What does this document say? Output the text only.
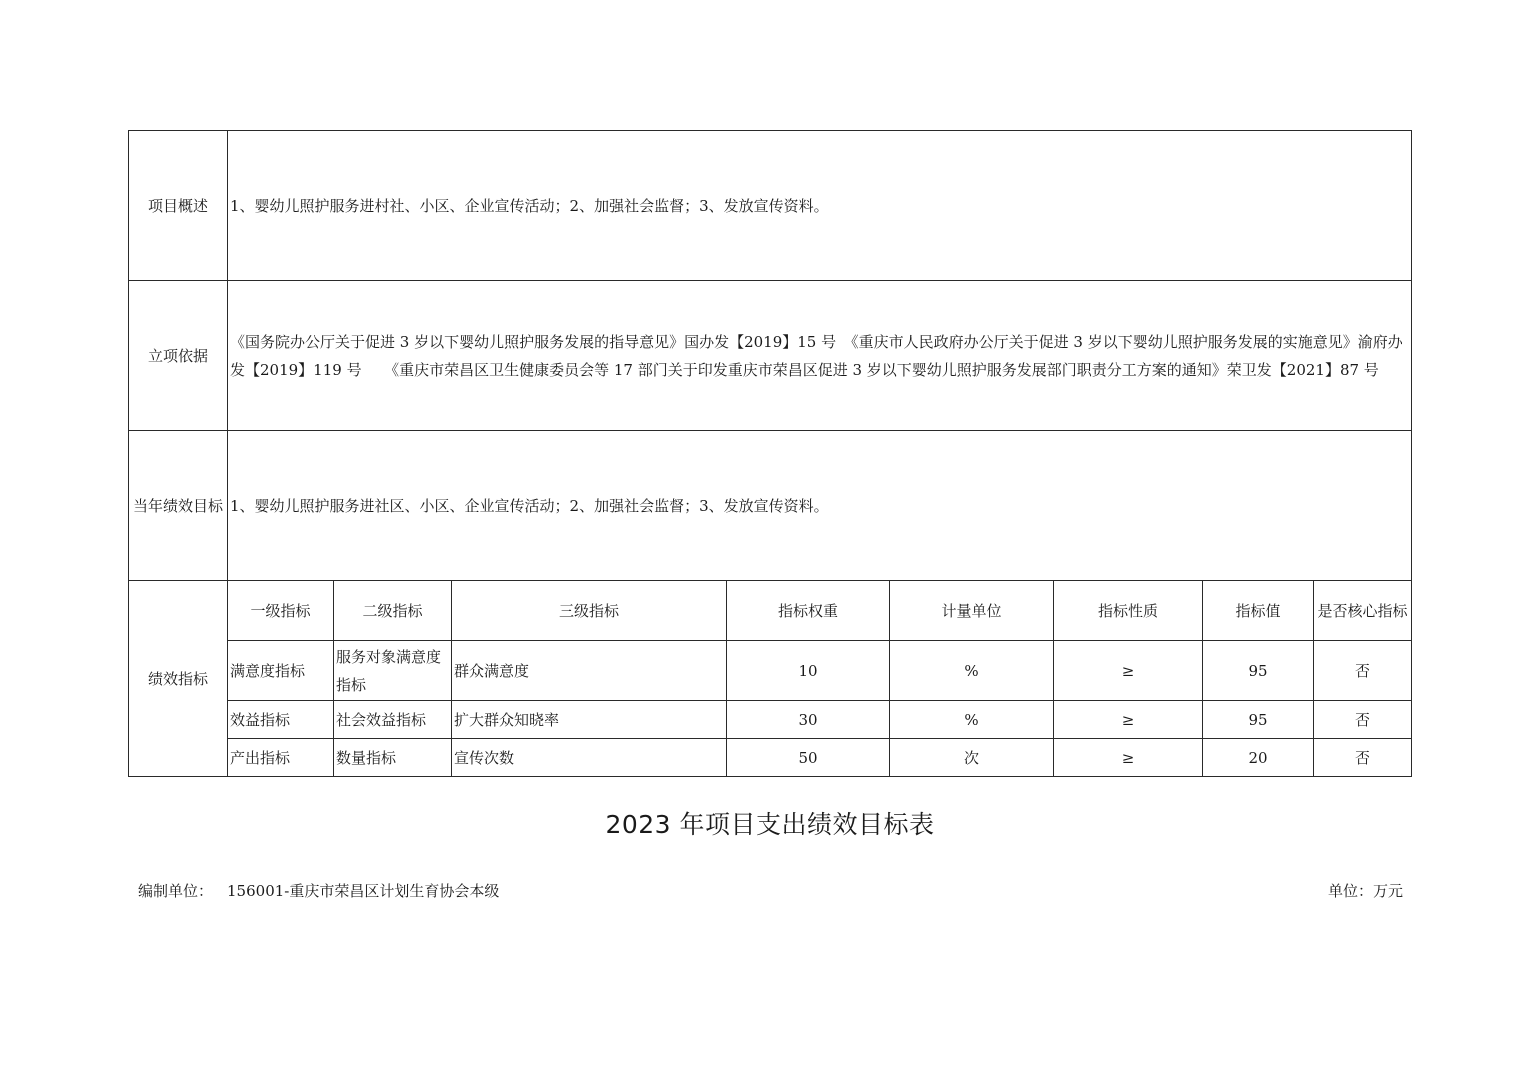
项目概述	1、婴幼儿照护服务进村社、小区、企业宣传活动；2、加强社会监督；3、发放宣传资料。							
立项依据	《国务院办公厅关于促进 3 岁以下婴幼儿照护服务发展的指导意见》国办发【2019】15 号　《重庆市人民政府办公厅关于促进 3 岁以下婴幼儿照护服务发展的实施意见》渝府办发【2019】119 号　　《重庆市荣昌区卫生健康委员会等 17 部门关于印发重庆市荣昌区促进 3 岁以下婴幼儿照护服务发展部门职责分工方案的通知》荣卫发【2021】87 号							
当年绩效目标	1、婴幼儿照护服务进社区、小区、企业宣传活动；2、加强社会监督；3、发放宣传资料。							
绩效指标	一级指标	二级指标	三级指标	指标权重	计量单位	指标性质	指标值	是否核心指标
	满意度指标	服务对象满意度指标	群众满意度	10	%	≥	95	否
	效益指标	社会效益指标	扩大群众知晓率	30	%	≥	95	否
	产出指标	数量指标	宣传次数	50	次	≥	20	否
2023 年项目支出绩效目标表
编制单位： 156001-重庆市荣昌区计划生育协会本级	单位：万元
